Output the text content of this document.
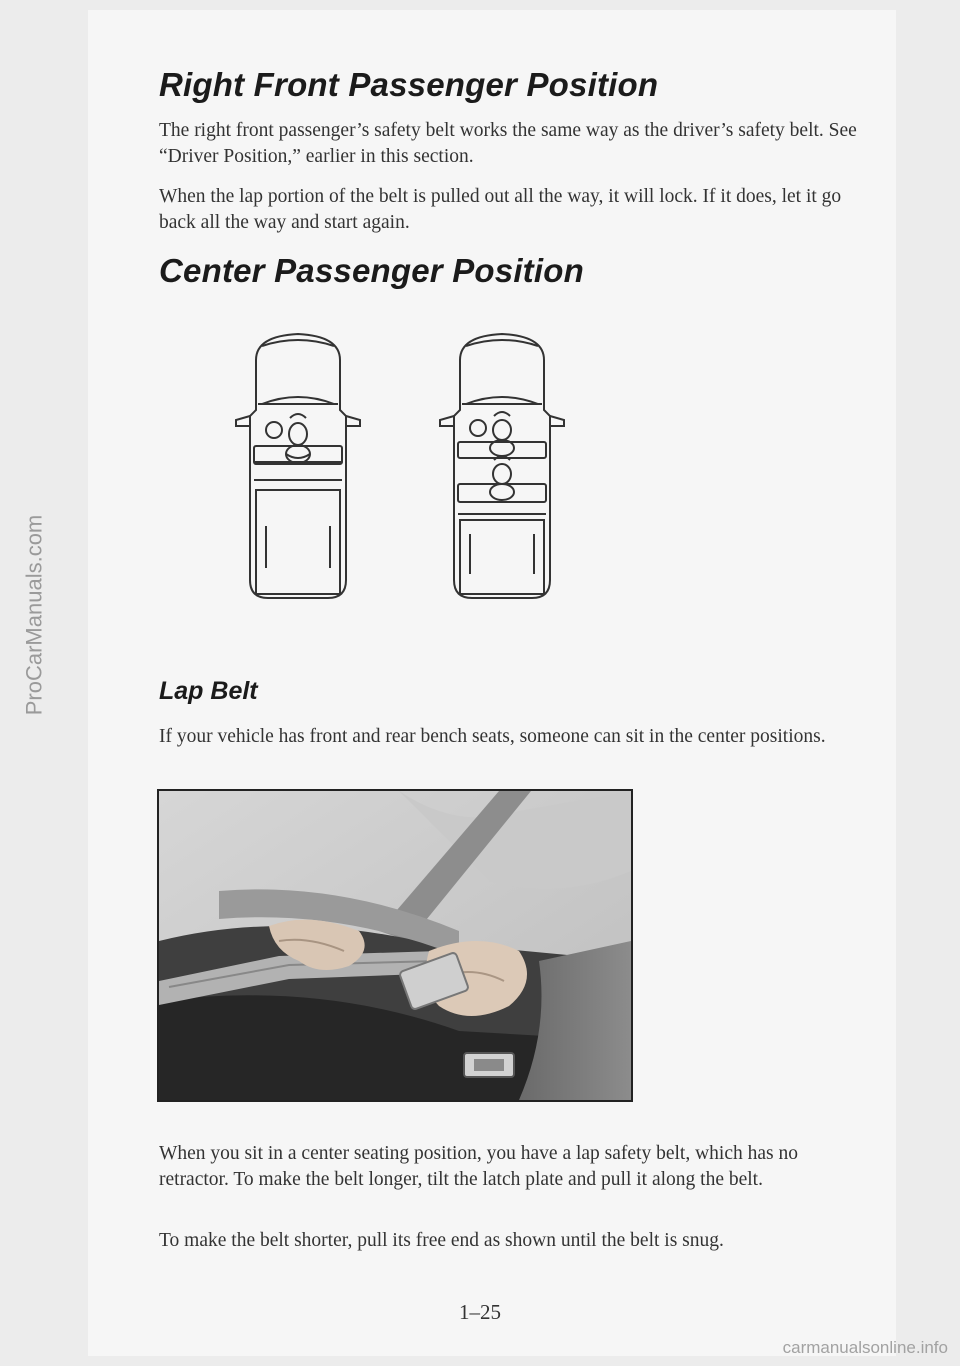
ProCarManuals.com
Right Front Passenger Position

The right front passenger’s safety belt works the same way as the driver’s safety belt. See “Driver Position,” earlier in this section.

When the lap portion of the belt is pulled out all the way, it will lock. If it does, let it go back all the way and start again.

Center Passenger Position
Lap Belt

If your vehicle has front and rear bench seats, someone can sit in the center positions.

When you sit in a center seating position, you have a lap safety belt, which has no retractor. To make the belt longer, tilt the latch plate and pull it along the belt.

To make the belt shorter, pull its free end as shown until the belt is snug.

1–25
carmanualsonline.info
